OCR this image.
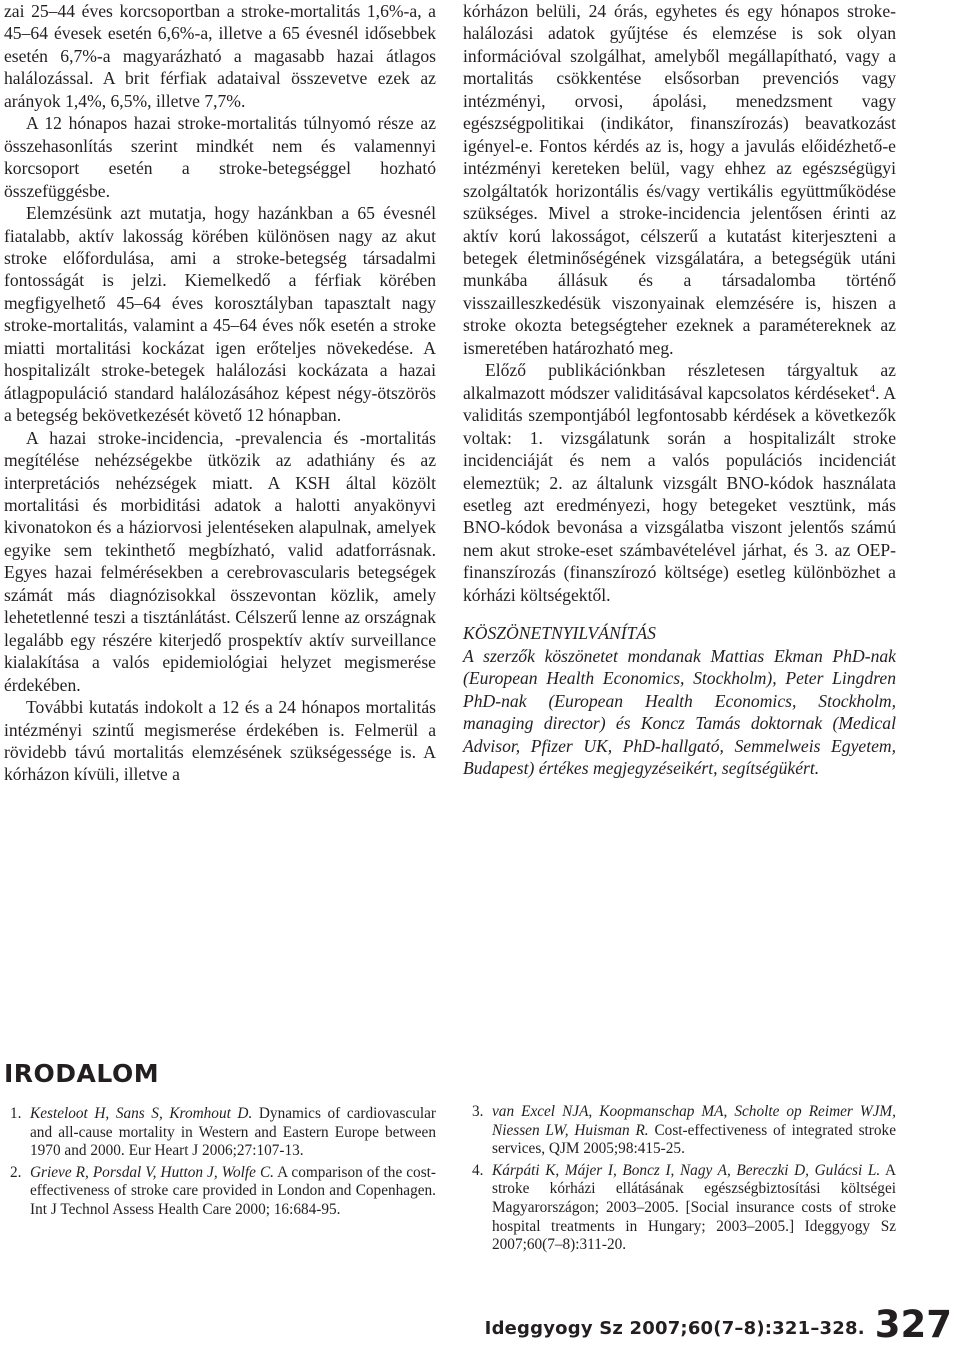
zai 25–44 éves korcsoportban a stroke-mortalitás 1,6%-a, a 45–64 évesek esetén 6,6%-a, illetve a 65 évesnél idősebbek esetén 6,7%-a magyarázható a magasabb hazai átlagos halálozással. A brit férfiak adataival összevetve ezek az arányok 1,4%, 6,5%, illetve 7,7%.

A 12 hónapos hazai stroke-mortalitás túlnyomó része az összehasonlítás szerint mindkét nem és valamennyi korcsoport esetén a stroke-betegséggel hozható összefüggésbe.

Elemzésünk azt mutatja, hogy hazánkban a 65 évesnél fiatalabb, aktív lakosság körében különösen nagy az akut stroke előfordulása, ami a stroke-betegség társadalmi fontosságát is jelzi. Kiemelkedő a férfiak körében megfigyelhető 45–64 éves korosztályban tapasztalt nagy stroke-mortalitás, valamint a 45–64 éves nők esetén a stroke miatti mortalitási kockázat igen erőteljes növekedése. A hospitalizált stroke-betegek halálozási kockázata a hazai átlagpopuláció standard halálozásához képest négy-ötszörös a betegség bekövetkezését követő 12 hónapban.

A hazai stroke-incidencia, -prevalencia és -mortalitás megítélése nehézségekbe ütközik az adathiány és az interpretációs nehézségek miatt. A KSH által közölt mortalitási és morbiditási adatok a halotti anyakönyvi kivonatokon és a háziorvosi jelentéseken alapulnak, amelyek egyike sem tekinthető megbízható, valid adatforrásnak. Egyes hazai felmérésekben a cerebrovascularis betegségek számát más diagnózisokkal összevontan közlik, amely lehetetlenné teszi a tisztánlátást. Célszerű lenne az országnak legalább egy részére kiterjedő prospektív aktív surveillance kialakítása a valós epidemiológiai helyzet megismerése érdekében.

További kutatás indokolt a 12 és a 24 hónapos mortalitás intézményi szintű megismerése érdekében is. Felmerül a rövidebb távú mortalitás elemzésének szükségessége is. A kórházon kívüli, illetve a

kórházon belüli, 24 órás, egyhetes és egy hónapos stroke-halálozási adatok gyűjtése és elemzése is sok olyan információval szolgálhat, amelyből megállapítható, vagy a mortalitás csökkentése elsősorban prevenciós vagy intézményi, orvosi, ápolási, menedzsment vagy egészségpolitikai (indikátor, finanszírozás) beavatkozást igényel-e. Fontos kérdés az is, hogy a javulás előidézhető-e intézményi kereteken belül, vagy ehhez az egészségügyi szolgáltatók horizontális és/vagy vertikális együttműködése szükséges. Mivel a stroke-incidencia jelentősen érinti az aktív korú lakosságot, célszerű a kutatást kiterjeszteni a betegek életminőségének vizsgálatára, a betegségük utáni munkába állásuk és a társadalomba történő visszailleszkedésük viszonyainak elemzésére is, hiszen a stroke okozta betegségteher ezeknek a paramétereknek az ismeretében határozható meg.

Előző publikációnkban részletesen tárgyaltuk az alkalmazott módszer validitásával kapcsolatos kérdéseket$^4$. A validitás szempontjából legfontosabb kérdések a következők voltak: 1. vizsgálatunk során a hospitalizált stroke incidenciáját és nem a valós populációs incidenciát elemeztük; 2. az általunk vizsgált BNO-kódok használata esetleg azt eredményezi, hogy betegeket vesztünk, más BNO-kódok bevonása a vizsgálatba viszont jelentős számú nem akut stroke-eset számbavételével járhat, és 3. az OEP-finanszírozás (finanszírozó költsége) esetleg különbözhet a kórházi költségektől.

KÖSZÖNETNYILVÁNÍTÁS

A szerzők köszönetet mondanak Mattias Ekman PhD-nak (European Health Economics, Stockholm), Peter Lingdren PhD-nak (European Health Economics, Stockholm, managing director) és Koncz Tamás doktornak (Medical Advisor, Pfizer UK, PhD-hallgató, Semmelweis Egyetem, Budapest) értékes megjegyzéseikért, segítségükért.

IRODALOM
1. Kesteloot H, Sans S, Kromhout D. Dynamics of cardiovascular and all-cause mortality in Western and Eastern Europe between 1970 and 2000. Eur Heart J 2006;27:107-13.
2. Grieve R, Porsdal V, Hutton J, Wolfe C. A comparison of the cost-effectiveness of stroke care provided in London and Copenhagen. Int J Technol Assess Health Care 2000; 16:684-95.
3. van Excel NJA, Koopmanschap MA, Scholte op Reimer WJM, Niessen LW, Huisman R. Cost-effectiveness of integrated stroke services, QJM 2005;98:415-25.
4. Kárpáti K, Májer I, Boncz I, Nagy A, Bereczki D, Gulácsi L. A stroke kórházi ellátásának egészségbiztosítási költségei Magyarországon; 2003–2005. [Social insurance costs of stroke hospital treatments in Hungary; 2003–2005.] Ideggyogy Sz 2007;60(7–8):311-20.
Ideggyogy Sz 2007;60(7–8):321–328. 327
